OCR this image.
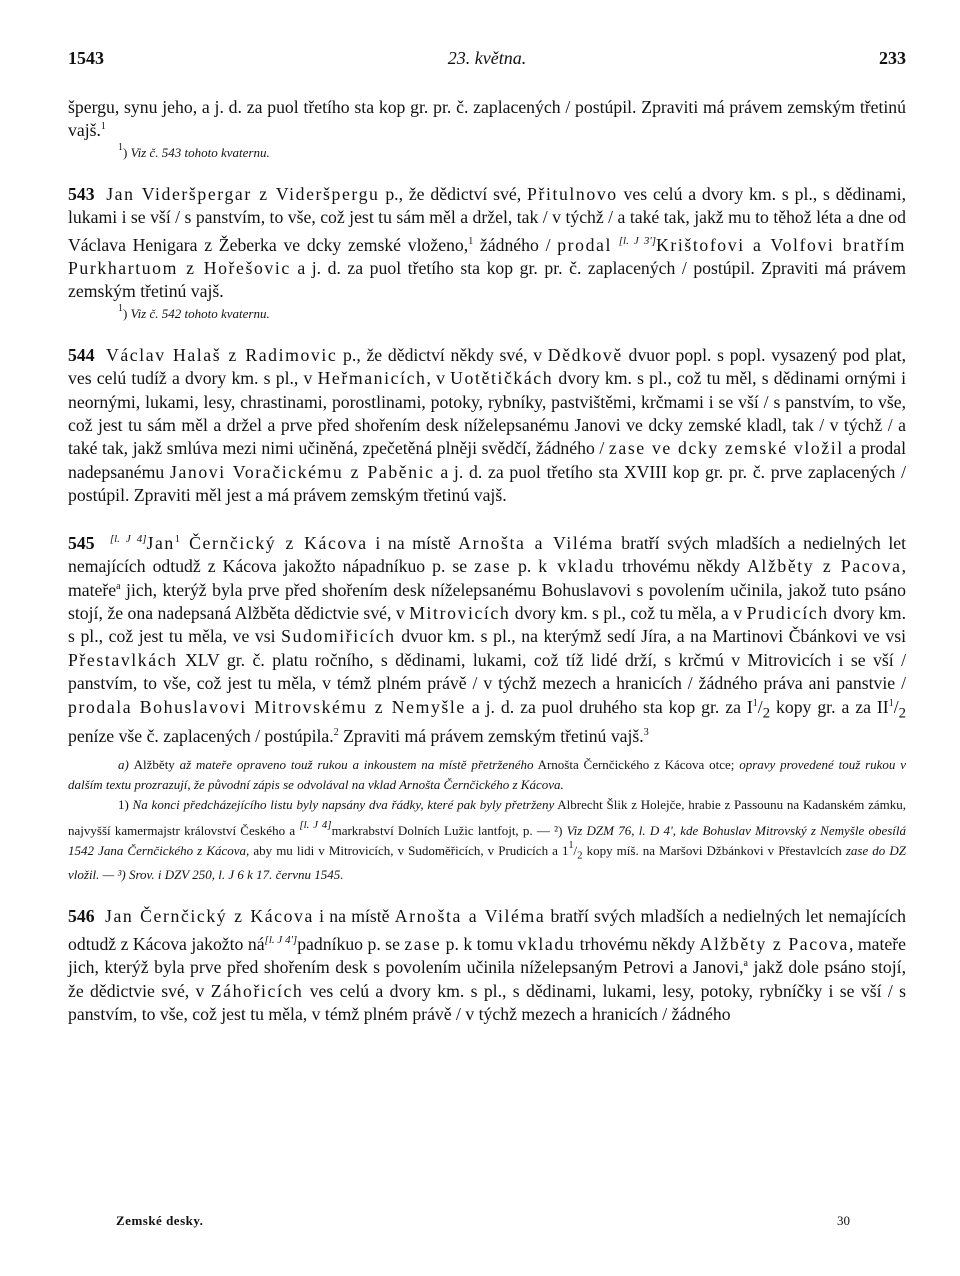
1543	23. května.	233

špergu, synu jeho, a j. d. za puol třetího sta kop gr. pr. č. zaplacených / postúpil. Zpraviti má právem zemským třetinú vajš.$^1$

$^1$) Viz č. 543 tohoto kvaternu.

543 Jan Videršpergar z Videršpergu p., že dědictví své, Přitulnovo ves celú a dvory km. s pl., s dědinami, lukami i se vší / s panstvím, to vše, což jest tu sám měl a držel, tak / v týchž / a také tak, jakž mu to těhož léta a dne od Václava Henigara z Žeberka ve dcky zemské vloženo,$^1$ žádného / prodal [l. J 3']Krištofovi a Volfovi bratřím Purkhartuom z Hořešovic a j. d. za puol třetího sta kop gr. pr. č. zaplacených / postúpil. Zpraviti má právem zemským třetinú vajš.

$^1$) Viz č. 542 tohoto kvaternu.

544 Václav Halaš z Radimovic p., že dědictví někdy své, v Dědkově dvuor popl. s popl. vysazený pod plat, ves celú tudíž a dvory km. s pl., v Heřmanicích, v Uotětičkách dvory km. s pl., což tu měl, s dědinami ornými i neornými, lukami, lesy, chrastinami, porostlinami, potoky, rybníky, pastvištěmi, krčmami i se vší / s panstvím, to vše, což jest tu sám měl a držel a prve před shořením desk níželepsanému Janovi ve dcky zemské kladl, tak / v týchž / a také tak, jakž smlúva mezi nimi učiněná, zpečetěná plněji svědčí, žádného / zase ve dcky zemské vložil a prodal nadepsanému Janovi Voračickému z Paběnic a j. d. za puol třetího sta XVIII kop gr. pr. č. prve zaplacených / postúpil. Zpraviti měl jest a má právem zemským třetinú vajš.

545 [l. J 4]Jan$^1$ Černčický z Kácova i na místě Arnošta a Viléma bratří svých mladších a nedielných let nemajících odtudž z Kácova jakožto nápadníkuo p. se zase p. k vkladu trhovému někdy Alžběty z Pacova, mateře$^a$ jich, kterýž byla prve před shořením desk níželepsanému Bohuslavovi s povolením učinila, jakož tuto psáno stojí, že ona nadepsaná Alžběta dědictvie své, v Mitrovicích dvory km. s pl., což tu měla, a v Prudicích dvory km. s pl., což jest tu měla, ve vsi Sudomiřicích dvuor km. s pl., na kterýmž sedí Jíra, a na Martinovi Čbánkovi ve vsi Přestavlkách XLV gr. č. platu ročního, s dědinami, lukami, což tíž lidé drží, s krčmú v Mitrovicích i se vší / panstvím, to vše, což jest tu měla, v témž plném právě / v týchž mezech a hranicích / žádného práva ani panstvie / prodala Bohuslavovi Mitrovskému z Nemyšle a j. d. za puol druhého sta kop gr. za $I^1/_2$ kopy gr. a za $II^1/_2$ peníze vše č. zaplacených / postúpila.$^2$ Zpraviti má právem zemským třetinú vajš.$^3$

a) Alžběty až mateře opraveno touž rukou a inkoustem na místě přetrženého Arnošta Černčického z Kácova otce; opravy provedené touž rukou v dalším textu prozrazují, že původní zápis se odvolával na vklad Arnošta Černčického z Kácova.

1) Na konci předcházejícího listu byly napsány dva řádky, které pak byly přetrženy Albrecht Šlik z Holejče, hrabie z Passounu na Kadanském zámku, najvyšší kamermajstr království Českého a [l. J 4]markrabství Dolních Lužic lantfojt, p. — ²) Viz DZM 76, l. D 4', kde Bohuslav Mitrovský z Nemyšle obesílá 1542 Jana Černčického z Kácova, aby mu lidi v Mitrovicích, v Sudoměřicích, v Prudicích a $1^1/_2$ kopy míš. na Maršovi Džbánkovi v Přestavlcích zase do DZ vložil. — ³) Srov. i DZV 250, l. J 6 k 17. červnu 1545.

546 Jan Černčický z Kácova i na místě Arnošta a Viléma bratří svých mladších a nedielných let nemajících odtudž z Kácova jakožto ná[l. J 4']padníkuo p. se zase p. k tomu vkladu trhovému někdy Alžběty z Pacova, mateře jich, kterýž byla prve před shořením desk s povolením učinila níželepsaným Petrovi a Janovi,$^a$ jakž dole psáno stojí, že dědictvie své, v Záhořicích ves celú a dvory km. s pl., s dědinami, lukami, lesy, potoky, rybníčky i se vší / s panstvím, to vše, což jest tu měla, v témž plném právě / v týchž mezech a hranicích / žádného

Zemské desky.	30
